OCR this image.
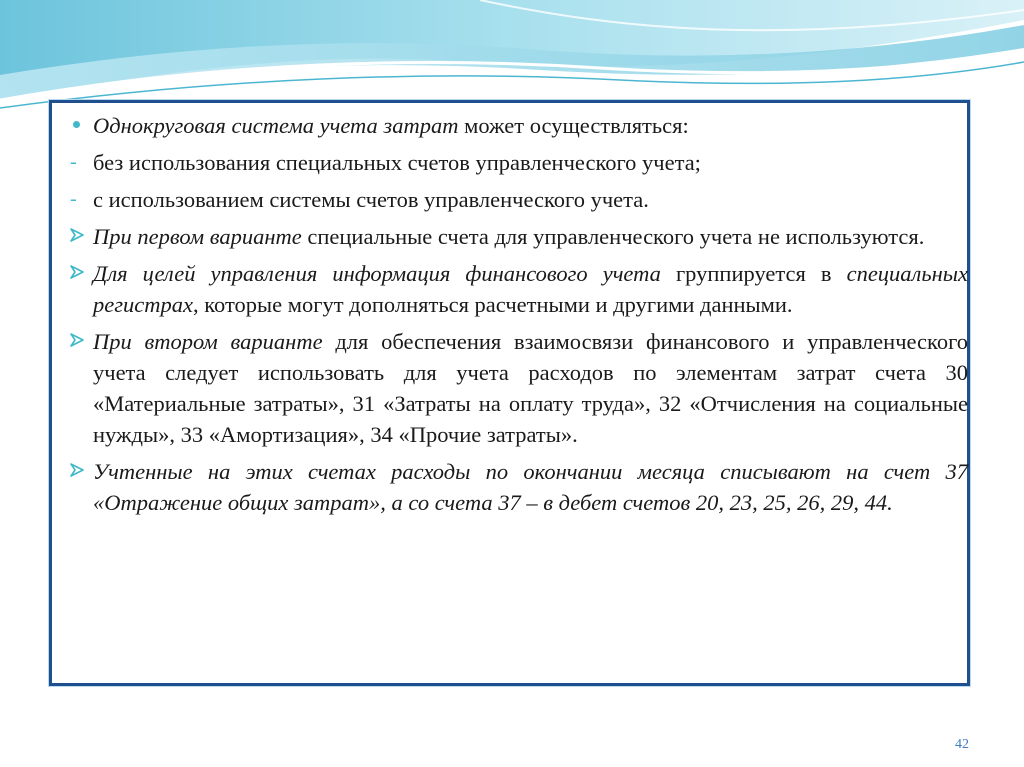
Однокруговая система учета затрат может осуществляться:
- без использования специальных счетов управленческого учета;
- с использованием системы счетов управленческого учета.
При первом варианте специальные счета для управленческого учета не используются.
Для целей управления информация финансового учета группируется в специальных регистрах, которые могут дополняться расчетными и другими данными.
При втором варианте для обеспечения взаимосвязи финансового и управленческого учета следует использовать для учета расходов по элементам затрат счета 30 «Материальные затраты», 31 «Затраты на оплату труда», 32 «Отчисления на социальные нужды», 33 «Амортизация», 34 «Прочие затраты».
Учтенные на этих счетах расходы по окончании месяца списывают на счет 37 «Отражение общих затрат», а со счета 37 – в дебет счетов 20, 23, 25, 26, 29, 44.
42
